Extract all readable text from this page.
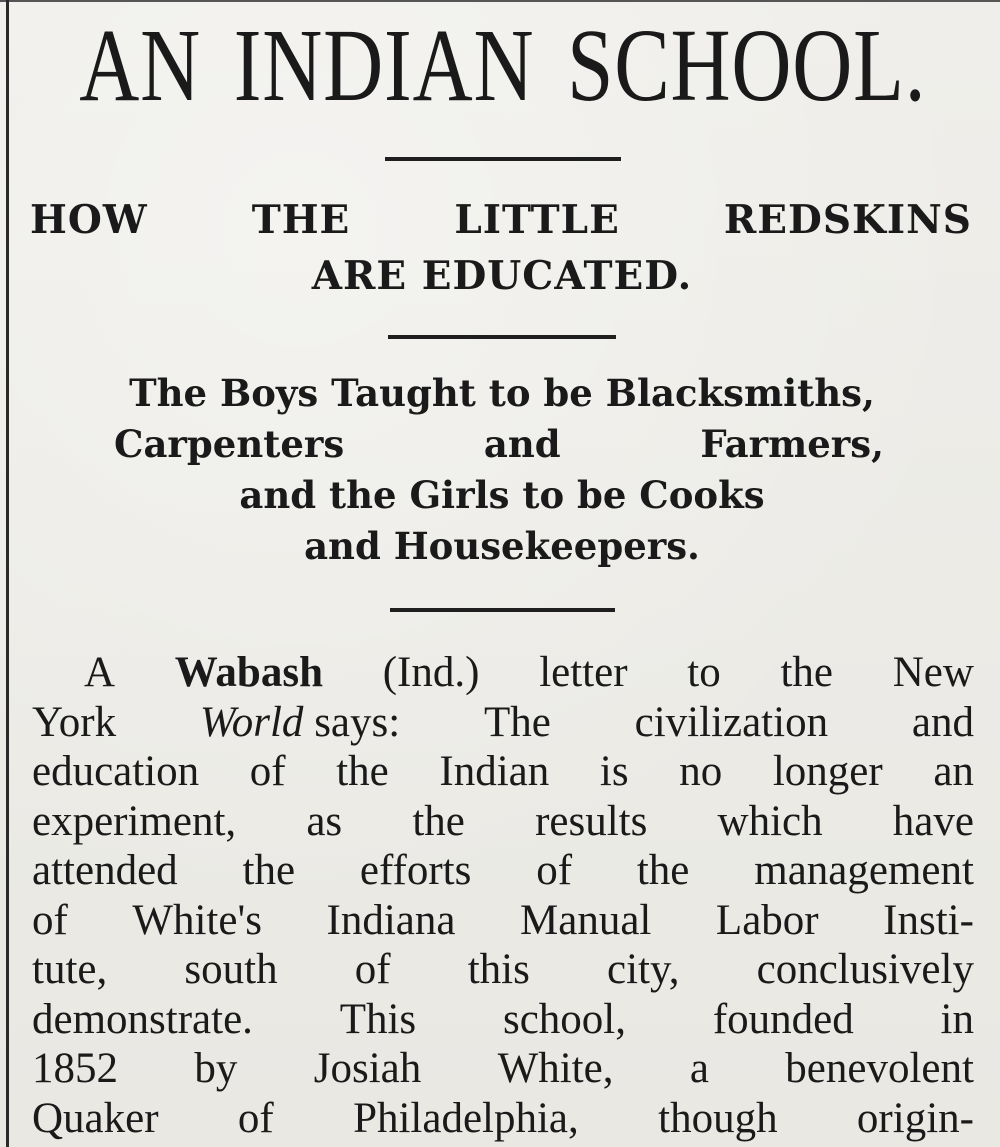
AN INDIAN SCHOOL.
HOW	THE	LITTLE	REDSKINS
ARE EDUCATED.
The Boys Taught to be Blacksmiths,
Carpenters	and	Farmers,
and the Girls to be Cooks
and Housekeepers.
A Wabash (Ind.) letter to the New
York World says: The civilization and
education of the Indian is no longer an
experiment, as the results which have
attended the efforts of the management
of White's Indiana Manual Labor Insti-
tute, south of this city, conclusively
demonstrate. This school, founded in
1852 by Josiah White, a benevolent
Quaker of Philadelphia, though origin-
